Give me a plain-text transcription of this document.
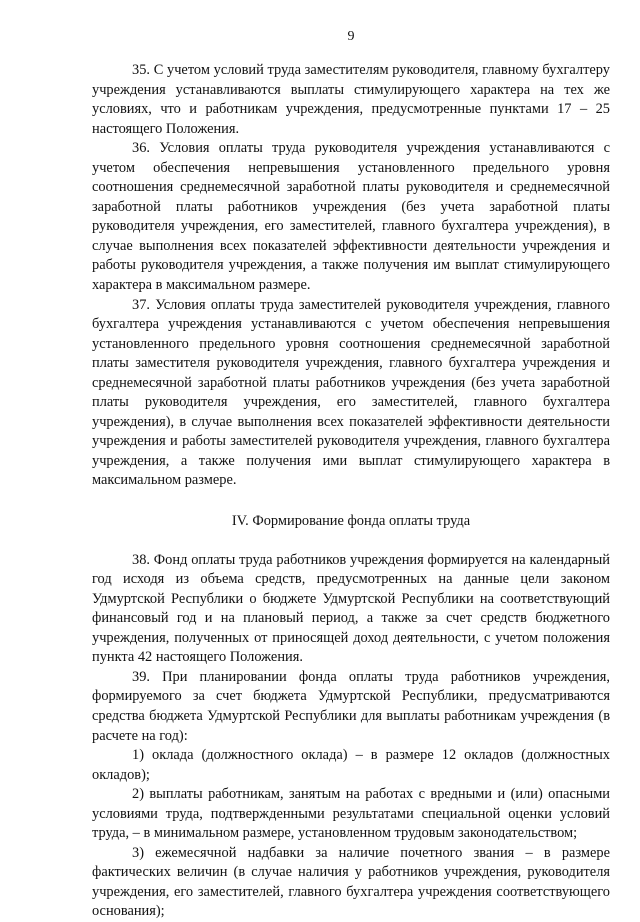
9

35. С учетом условий труда заместителям руководителя, главному бухгалтеру учреждения устанавливаются выплаты стимулирующего характера на тех же условиях, что и работникам учреждения, предусмотренные пунктами 17 – 25 настоящего Положения.

36. Условия оплаты труда руководителя учреждения устанавливаются с учетом обеспечения непревышения установленного предельного уровня соотношения среднемесячной заработной платы руководителя и среднемесячной заработной платы работников учреждения (без учета заработной платы руководителя учреждения, его заместителей, главного бухгалтера учреждения), в случае выполнения всех показателей эффективности деятельности учреждения и работы руководителя учреждения, а также получения им выплат стимулирующего характера в максимальном размере.

37. Условия оплаты труда заместителей руководителя учреждения, главного бухгалтера учреждения устанавливаются с учетом обеспечения непревышения установленного предельного уровня соотношения среднемесячной заработной платы заместителя руководителя учреждения, главного бухгалтера учреждения и среднемесячной заработной платы работников учреждения (без учета заработной платы руководителя учреждения, его заместителей, главного бухгалтера учреждения), в случае выполнения всех показателей эффективности деятельности учреждения и работы заместителей руководителя учреждения, главного бухгалтера учреждения, а также получения ими выплат стимулирующего характера в максимальном размере.

IV. Формирование фонда оплаты труда

38. Фонд оплаты труда работников учреждения формируется на календарный год исходя из объема средств, предусмотренных на данные цели законом Удмуртской Республики о бюджете Удмуртской Республики на соответствующий финансовый год и на плановый период, а также за счет средств бюджетного учреждения, полученных от приносящей доход деятельности, с учетом положения пункта 42 настоящего Положения.

39. При планировании фонда оплаты труда работников учреждения, формируемого за счет бюджета Удмуртской Республики, предусматриваются средства бюджета Удмуртской Республики для выплаты работникам учреждения (в расчете на год):

1) оклада (должностного оклада) – в размере 12 окладов (должностных окладов);

2) выплаты работникам, занятым на работах с вредными и (или) опасными условиями труда, подтвержденными результатами специальной оценки условий труда, – в минимальном размере, установленном трудовым законодательством;

3) ежемесячной надбавки за наличие почетного звания – в размере фактических величин (в случае наличия у работников учреждения, руководителя учреждения, его заместителей, главного бухгалтера учреждения соответствующего основания);
